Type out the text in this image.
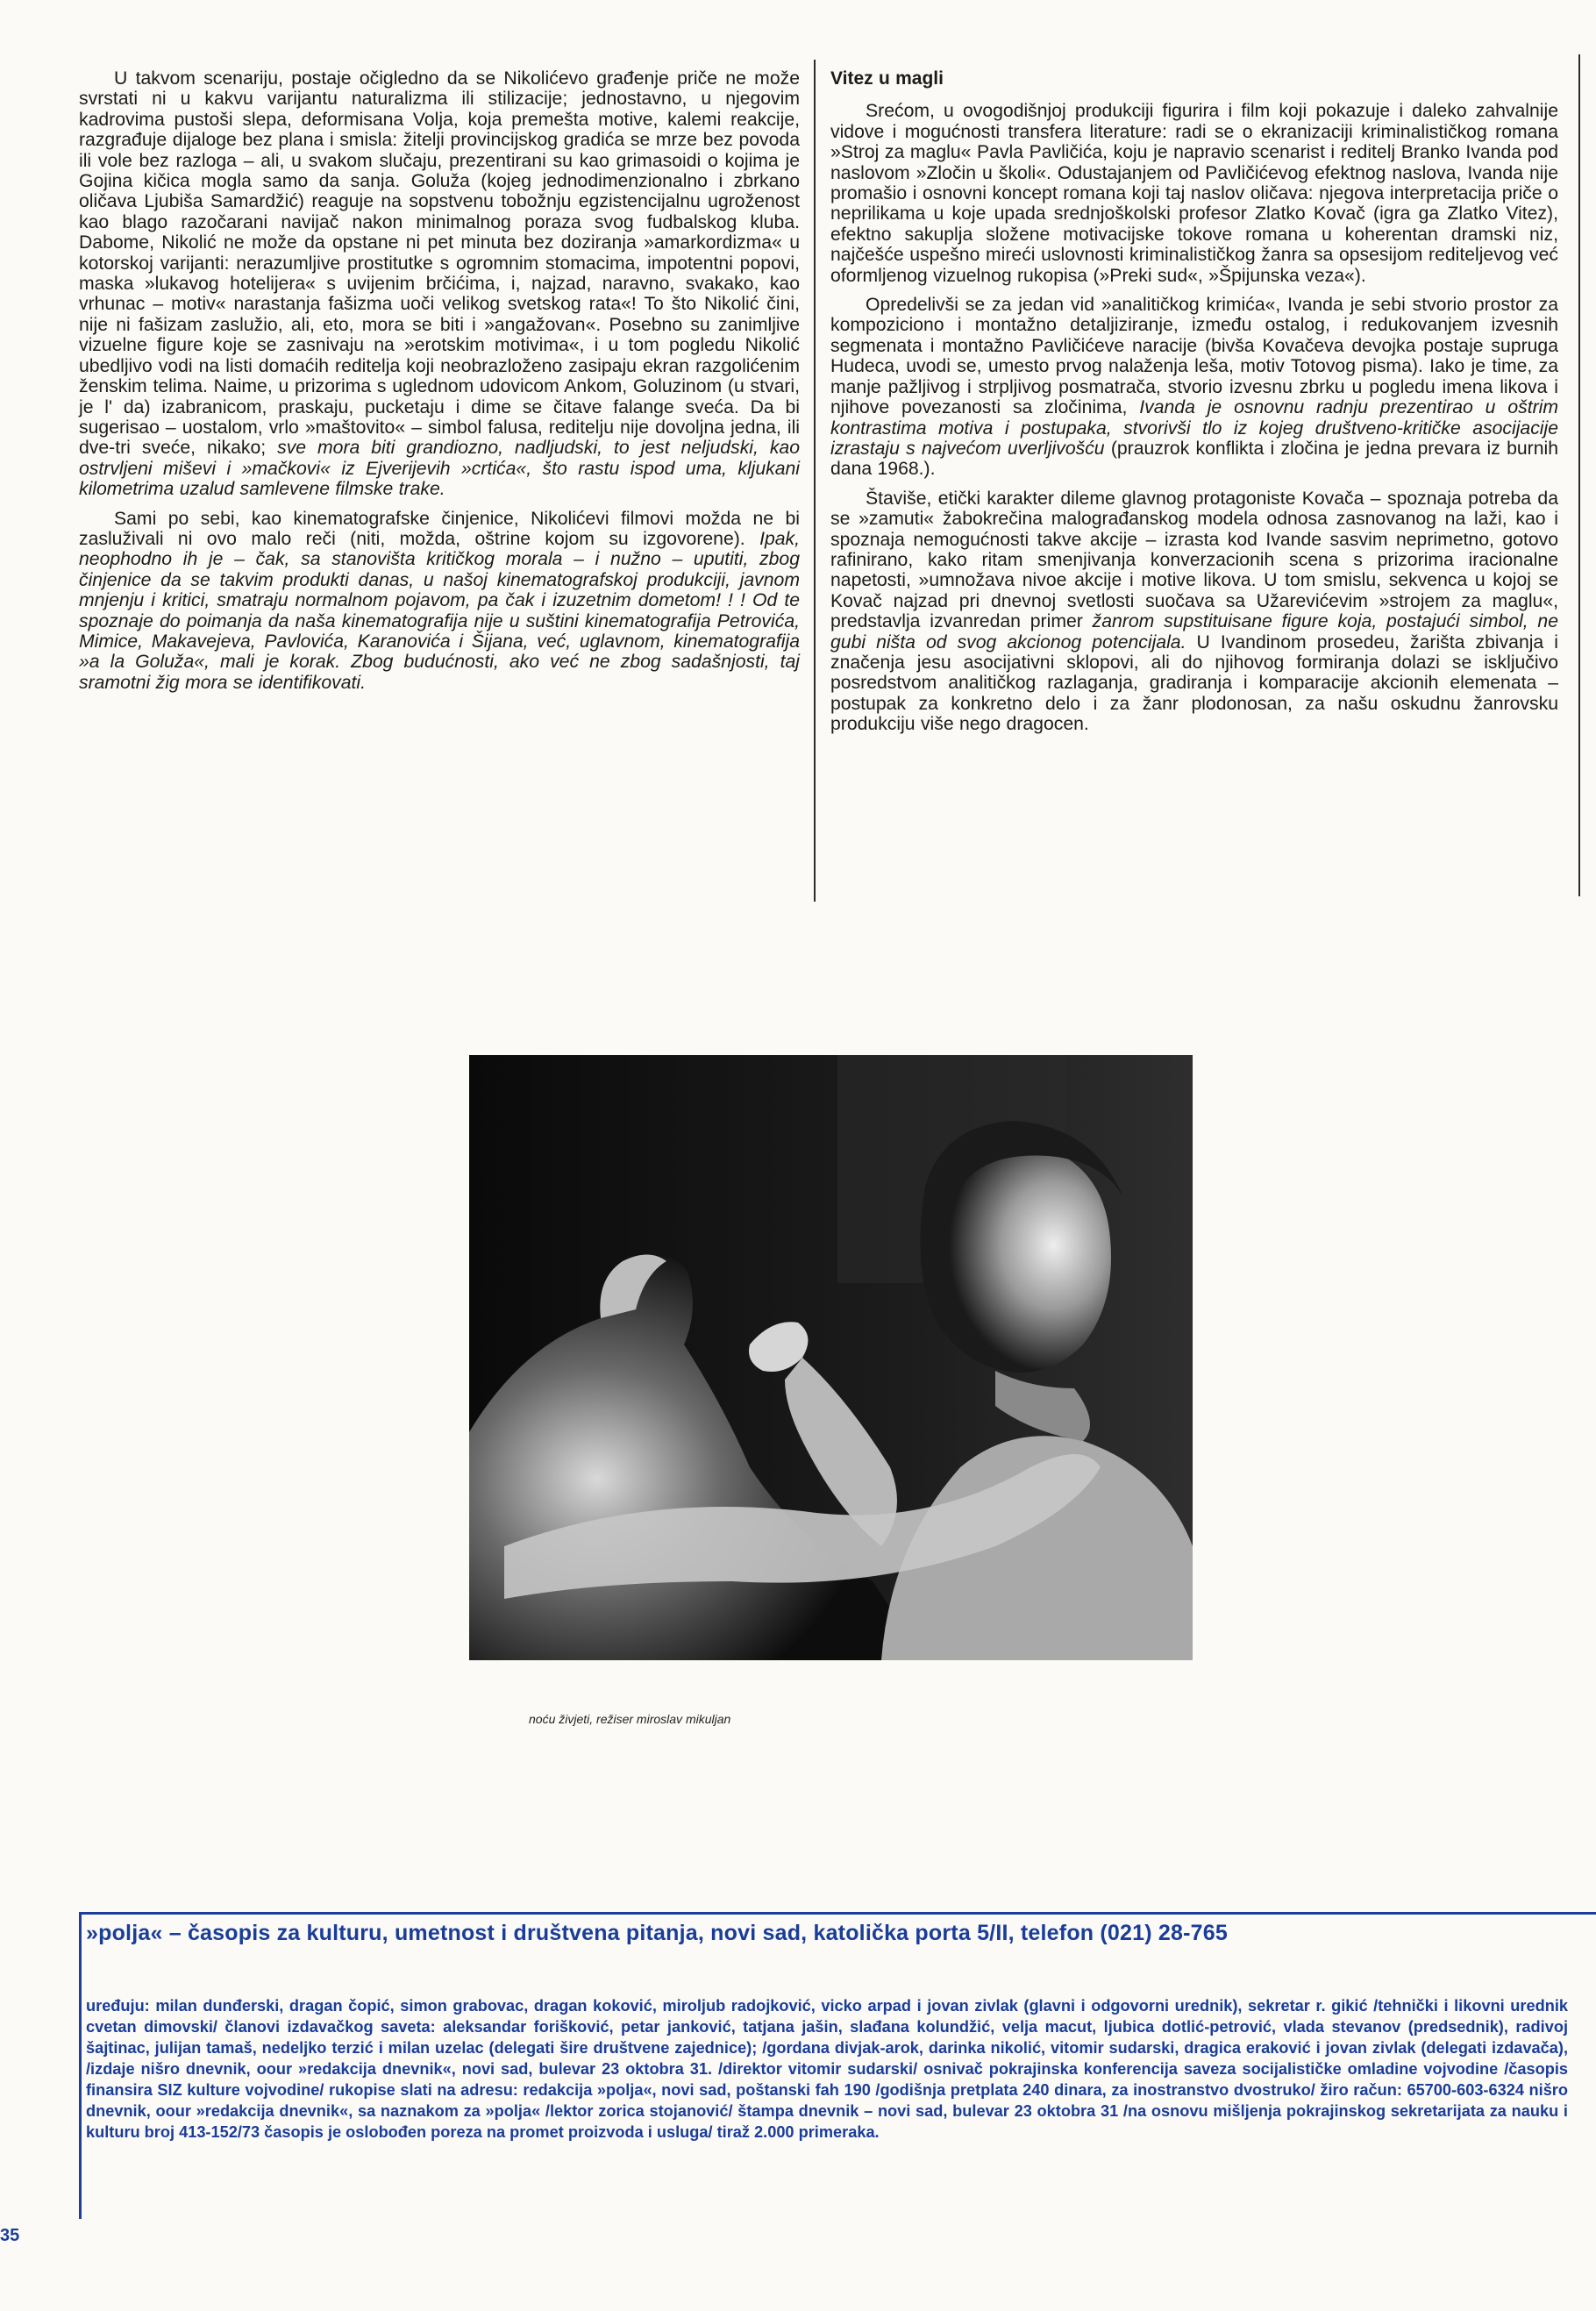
U takvom scenariju, postaje očigledno da se Nikolićevo građenje priče ne može svrstati ni u kakvu varijantu naturalizma ili stilizacije; jednostavno, u njegovim kadrovima pustoši slepa, deformisana Volja, koja premešta motive, kalemi reakcije, razgrađuje dijaloge bez plana i smisla: žitelji provincijskog gradića se mrze bez povoda ili vole bez razloga – ali, u svakom slučaju, prezentirani su kao grimasoidi o kojima je Gojina kičica mogla samo da sanja. Goluža (kojeg jednodimenzionalno i zbrkano oličava Ljubiša Samardžić) reaguje na sopstvenu tobožnju egzistencijalnu ugroženost kao blago razočarani navijač nakon minimalnog poraza svog fudbalskog kluba. Dabome, Nikolić ne može da opstane ni pet minuta bez doziranja »amarkordizma« u kotorskoj varijanti: nerazumljive prostitutke s ogromnim stomacima, impotentni popovi, maska »lukavog hotelijera« s uvijenim brčićima, i, najzad, naravno, svakako, kao vrhunac – motiv« narastanja fašizma uoči velikog svetskog rata«! To što Nikolić čini, nije ni fašizam zaslužio, ali, eto, mora se biti i »angažovan«. Posebno su zanimljive vizuelne figure koje se zasnivaju na »erotskim motivima«, i u tom pogledu Nikolić ubedljivo vodi na listi domaćih reditelja koji neobrazloženo zasipaju ekran razgolićenim ženskim telima. Naime, u prizorima s uglednom udovicom Ankom, Goluzinom (u stvari, je l' da) izabranicom, praskaju, pucketaju i dime se čitave falange sveća. Da bi sugerisao – uostalom, vrlo »maštovito« – simbol falusa, reditelju nije dovoljna jedna, ili dve-tri sveće, nikako; sve mora biti grandiozno, nadljudski, to jest neljudski, kao ostrvljeni miševi i »mačkovi« iz Ejverijevih »crtića«, što rastu ispod uma, kljukani kilometrima uzalud samlevene filmske trake.

Sami po sebi, kao kinematografske činjenice, Nikolićevi filmovi možda ne bi zasluživali ni ovo malo reči (niti, možda, oštrine kojom su izgovorene). Ipak, neophodno ih je – čak, sa stanovišta kritičkog morala – i nužno – uputiti, zbog činjenice da se takvim produkti danas, u našoj kinematografskoj produkciji, javnom mnjenju i kritici, smatraju normalnom pojavom, pa čak i izuzetnim dometom! ! ! Od te spoznaje do poimanja da naša kinematografija nije u suštini kinematografija Petrovića, Mimice, Makavejeva, Pavlovića, Karanovića i Šijana, već, uglavnom, kinematografija »a la Goluža«, mali je korak. Zbog budućnosti, ako već ne zbog sadašnjosti, taj sramotni žig mora se identifikovati.

Vitez u magli

Srećom, u ovogodišnjoj produkciji figurira i film koji pokazuje i daleko zahvalnije vidove i mogućnosti transfera literature: radi se o ekranizaciji kriminalističkog romana »Stroj za maglu« Pavla Pavličića, koju je napravio scenarist i reditelj Branko Ivanda pod naslovom »Zločin u školi«. Odustajanjem od Pavličićevog efektnog naslova, Ivanda nije promašio i osnovni koncept romana koji taj naslov oličava: njegova interpretacija priče o neprilikama u koje upada srednjoškolski profesor Zlatko Kovač (igra ga Zlatko Vitez), efektno sakuplja složene motivacijske tokove romana u koherentan dramski niz, najčešće uspešno mireći uslovnosti kriminalističkog žanra sa opsesijom rediteljevog već oformljenog vizuelnog rukopisa (»Preki sud«, »Špijunska veza«).

Opredelivši se za jedan vid »analitičkog krimića«, Ivanda je sebi stvorio prostor za kompoziciono i montažno detaljiziranje, između ostalog, i redukovanjem izvesnih segmenata i montažno Pavličićeve naracije (bivša Kovačeva devojka postaje supruga Hudeca, uvodi se, umesto prvog nalaženja leša, motiv Totovog pisma). Iako je time, za manje pažljivog i strpljivog posmatrača, stvorio izvesnu zbrku u pogledu imena likova i njihove povezanosti sa zločinima, Ivanda je osnovnu radnju prezentirao u oštrim kontrastima motiva i postupaka, stvorivši tlo iz kojeg društveno-kritičke asocijacije izrastaju s najvećom uverljivošću (prauzrok konflikta i zločina je jedna prevara iz burnih dana 1968.).

Štaviše, etički karakter dileme glavnog protagoniste Kovača – spoznaja potreba da se »zamuti« žabokrečina malograđanskog modela odnosa zasnovanog na laži, kao i spoznaja nemogućnosti takve akcije – izrasta kod Ivande sasvim neprimetno, gotovo rafinirano, kako ritam smenjivanja konverzacionih scena s prizorima iracionalne napetosti, »umnožava nivoe akcije i motive likova. U tom smislu, sekvenca u kojoj se Kovač najzad pri dnevnoj svetlosti suočava sa Užarevićevim »strojem za maglu«, predstavlja izvanredan primer žanrom supstituisane figure koja, postajući simbol, ne gubi ništa od svog akcionog potencijala. U Ivandinom prosedeu, žarišta zbivanja i značenja jesu asocijativni sklopovi, ali do njihovog formiranja dolazi se isključivo posredstvom analitičkog razlaganja, gradiranja i komparacije akcionih elemenata – postupak za konkretno delo i za žanr plodonosan, za našu oskudnu žanrovsku produkciju više nego dragocen.

noću živjeti, režiser miroslav mikuljan
»polja« – časopis za kulturu, umetnost i društvena pitanja, novi sad, katolička porta 5/II, telefon (021) 28-765
uređuju: milan dunđerski, dragan čopić, simon grabovac, dragan koković, miroljub radojković, vicko arpad i jovan zivlak (glavni i odgovorni urednik), sekretar r. gikić /tehnički i likovni urednik cvetan dimovski/ članovi izdavačkog saveta: aleksandar forišković, petar janković, tatjana jašin, slađana kolundžić, velja macut, ljubica dotlić-petrović, vlada stevanov (predsednik), radivoj šajtinac, julijan tamaš, nedeljko terzić i milan uzelac (delegati šire društvene zajednice); /gordana divjak-arok, darinka nikolić, vitomir sudarski, dragica eraković i jovan zivlak (delegati izdavača), /izdaje nišro dnevnik, oour »redakcija dnevnik«, novi sad, bulevar 23 oktobra 31. /direktor vitomir sudarski/ osnivač pokrajinska konferencija saveza socijalističke omladine vojvodine /časopis finansira SIZ kulture vojvodine/ rukopise slati na adresu: redakcija »polja«, novi sad, poštanski fah 190 /godišnja pretplata 240 dinara, za inostranstvo dvostruko/ žiro račun: 65700-603-6324 nišro dnevnik, oour »redakcija dnevnik«, sa naznakom za »polja« /lektor zorica stojanović/ štampa dnevnik – novi sad, bulevar 23 oktobra 31 /na osnovu mišljenja pokrajinskog sekretarijata za nauku i kulturu broj 413-152/73 časopis je oslobođen poreza na promet proizvoda i usluga/ tiraž 2.000 primeraka.
35
